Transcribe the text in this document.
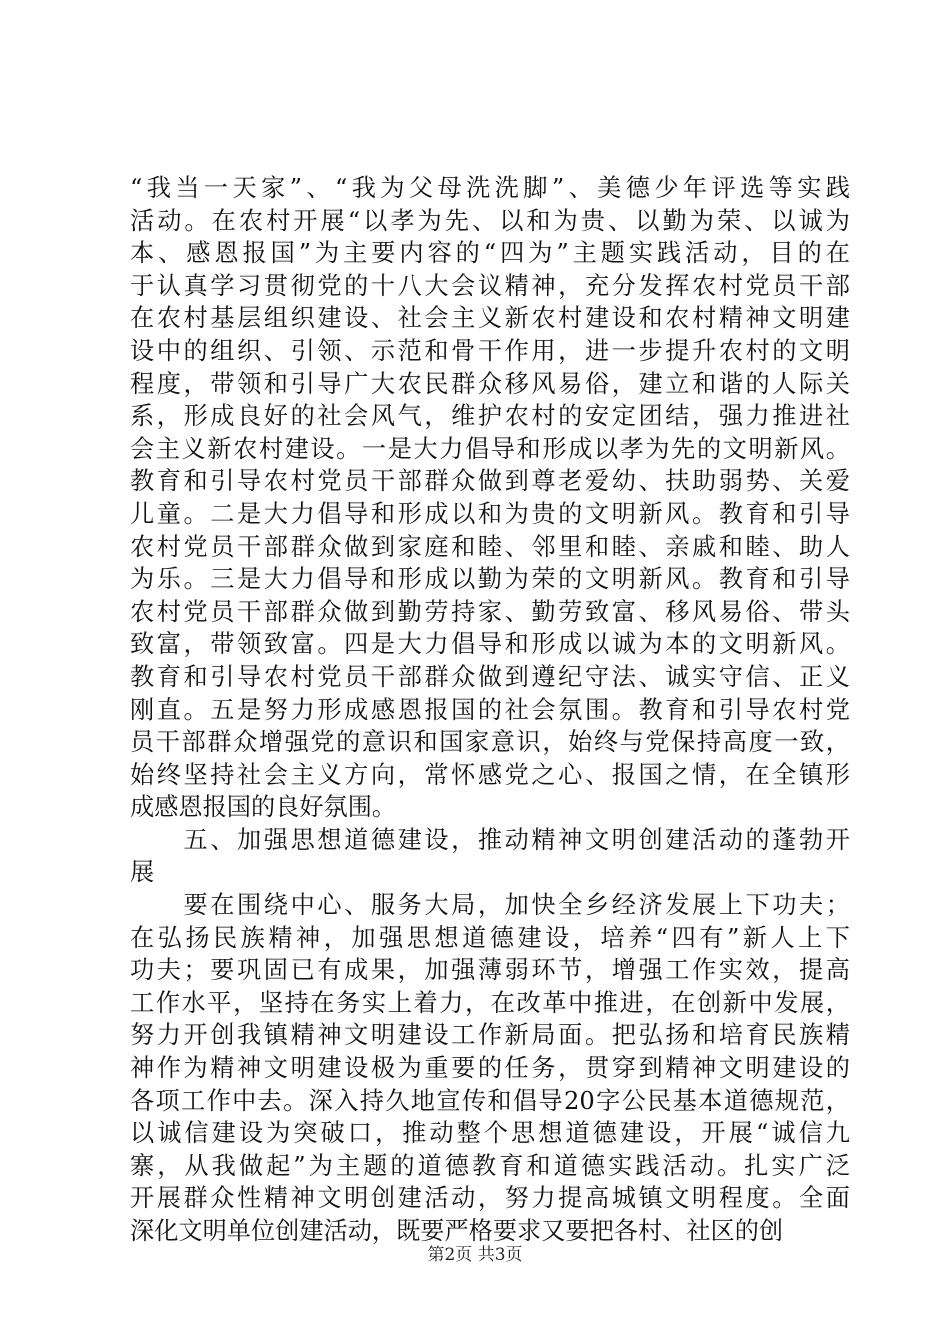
“我当一天家”、“我为父母洗洗脚”、美德少年评选等实践
活动。在农村开展“以孝为先、以和为贵、以勤为荣、以诚为
本、感恩报国”为主要内容的“四为”主题实践活动，目的在
于认真学习贯彻党的十八大会议精神，充分发挥农村党员干部
在农村基层组织建设、社会主义新农村建设和农村精神文明建
设中的组织、引领、示范和骨干作用，进一步提升农村的文明
程度，带领和引导广大农民群众移风易俗，建立和谐的人际关
系，形成良好的社会风气，维护农村的安定团结，强力推进社
会主义新农村建设。一是大力倡导和形成以孝为先的文明新风。
教育和引导农村党员干部群众做到尊老爱幼、扶助弱势、关爱
儿童。二是大力倡导和形成以和为贵的文明新风。教育和引导
农村党员干部群众做到家庭和睦、邻里和睦、亲戚和睦、助人
为乐。三是大力倡导和形成以勤为荣的文明新风。教育和引导
农村党员干部群众做到勤劳持家、勤劳致富、移风易俗、带头
致富，带领致富。四是大力倡导和形成以诚为本的文明新风。
教育和引导农村党员干部群众做到遵纪守法、诚实守信、正义
刚直。五是努力形成感恩报国的社会氛围。教育和引导农村党
员干部群众增强党的意识和国家意识，始终与党保持高度一致，
始终坚持社会主义方向，常怀感党之心、报国之情，在全镇形
成感恩报国的良好氛围。
　　五、加强思想道德建设，推动精神文明创建活动的蓬勃开
展
　　要在围绕中心、服务大局，加快全乡经济发展上下功夫；
在弘扬民族精神，加强思想道德建设，培养“四有”新人上下
功夫；要巩固已有成果，加强薄弱环节，增强工作实效，提高
工作水平，坚持在务实上着力，在改革中推进，在创新中发展，
努力开创我镇精神文明建设工作新局面。把弘扬和培育民族精
神作为精神文明建设极为重要的任务，贯穿到精神文明建设的
各项工作中去。深入持久地宣传和倡导20字公民基本道德规范，
以诚信建设为突破口，推动整个思想道德建设，开展“诚信九
寨，从我做起”为主题的道德教育和道德实践活动。扎实广泛
开展群众性精神文明创建活动，努力提高城镇文明程度。全面
深化文明单位创建活动，既要严格要求又要把各村、社区的创
第2页 共3页
